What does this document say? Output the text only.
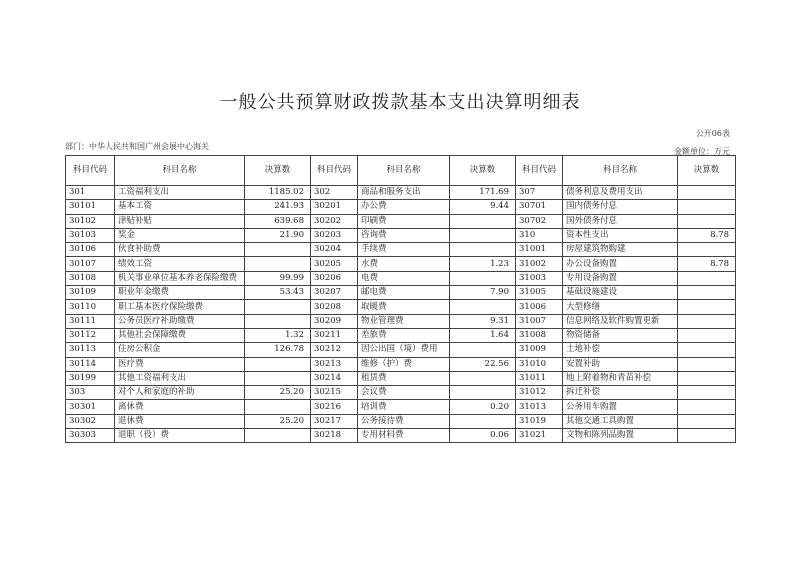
一般公共预算财政拨款基本支出决算明细表
公开06表
部门：中华人民共和国广州会展中心海关
金额单位：万元
科目代码	科目名称	决算数	科目代码	科目名称	决算数	科目代码	科目名称	决算数
301	工资福利支出	1185.02	302	商品和服务支出	171.69	307	债务利息及费用支出	
30101	基本工资	241.93	30201	办公费	9.44	30701	国内债务付息	
30102	津贴补贴	639.68	30202	印刷费		30702	国外债务付息	
30103	奖金	21.90	30203	咨询费		310	资本性支出	8.78
30106	伙食补助费		30204	手续费		31001	房屋建筑物购建	
30107	绩效工资		30205	水费	1.23	31002	办公设备购置	8.78
30108	机关事业单位基本养老保险缴费	99.99	30206	电费		31003	专用设备购置	
30109	职业年金缴费	53.43	30207	邮电费	7.90	31005	基础设施建设	
30110	职工基本医疗保险缴费		30208	取暖费		31006	大型修缮	
30111	公务员医疗补助缴费		30209	物业管理费	9.31	31007	信息网络及软件购置更新	
30112	其他社会保障缴费	1.32	30211	差旅费	1.64	31008	物资储备	
30113	住房公积金	126.78	30212	因公出国（境）费用		31009	土地补偿	
30114	医疗费		30213	维修（护）费	22.56	31010	安置补助	
30199	其他工资福利支出		30214	租赁费		31011	地上附着物和青苗补偿	
303	对个人和家庭的补助	25.20	30215	会议费		31012	拆迁补偿	
30301	离休费		30216	培训费	0.20	31013	公务用车购置	
30302	退休费	25.20	30217	公务接待费		31019	其他交通工具购置	
30303	退职（役）费		30218	专用材料费	0.06	31021	文物和陈列品购置	
